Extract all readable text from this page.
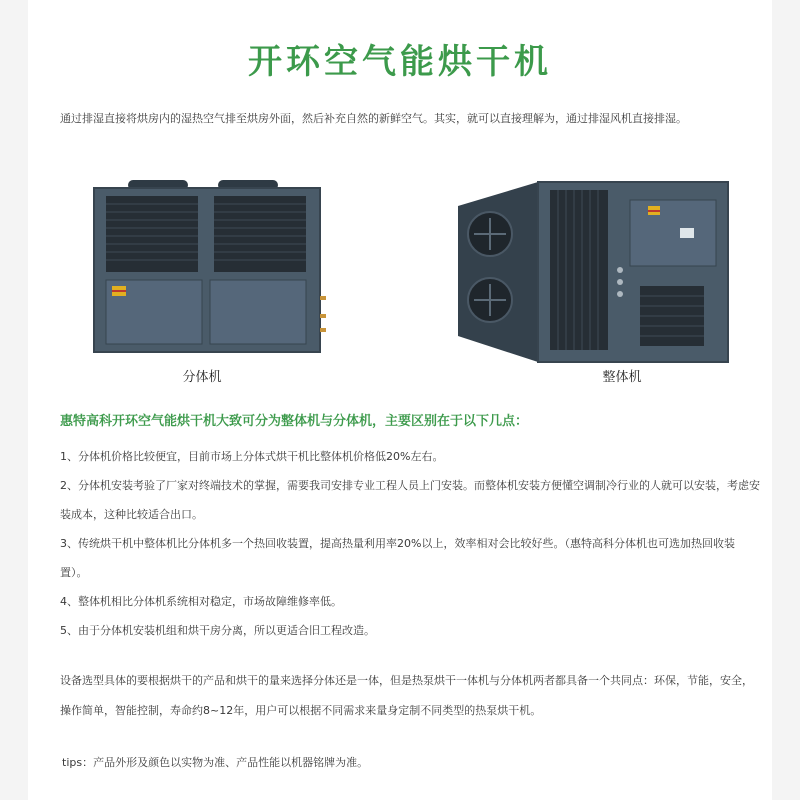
开环空气能烘干机
通过排湿直接将烘房内的湿热空气排至烘房外面，然后补充自然的新鲜空气。其实，就可以直接理解为，通过排湿风机直接排湿。
分体机	整体机
惠特高科开环空气能烘干机大致可分为整体机与分体机，主要区别在于以下几点：
1、分体机价格比较便宜，目前市场上分体式烘干机比整体机价格低20%左右。
2、分体机安装考验了厂家对终端技术的掌握，需要我司安排专业工程人员上门安装。而整体机安装方便懂空调制冷行业的人就可以安装，考虑安装成本，这种比较适合出口。
3、传统烘干机中整体机比分体机多一个热回收装置，提高热量利用率20%以上，效率相对会比较好些。（惠特高科分体机也可选加热回收装置）。
4、整体机相比分体机系统相对稳定，市场故障维修率低。
5、由于分体机安装机组和烘干房分离，所以更适合旧工程改造。
设备选型具体的要根据烘干的产品和烘干的量来选择分体还是一体，但是热泵烘干一体机与分体机两者都具备一个共同点：环保，节能，安全，操作简单，智能控制，寿命约8~12年，用户可以根据不同需求来量身定制不同类型的热泵烘干机。
tips：产品外形及颜色以实物为准、产品性能以机器铭牌为准。
